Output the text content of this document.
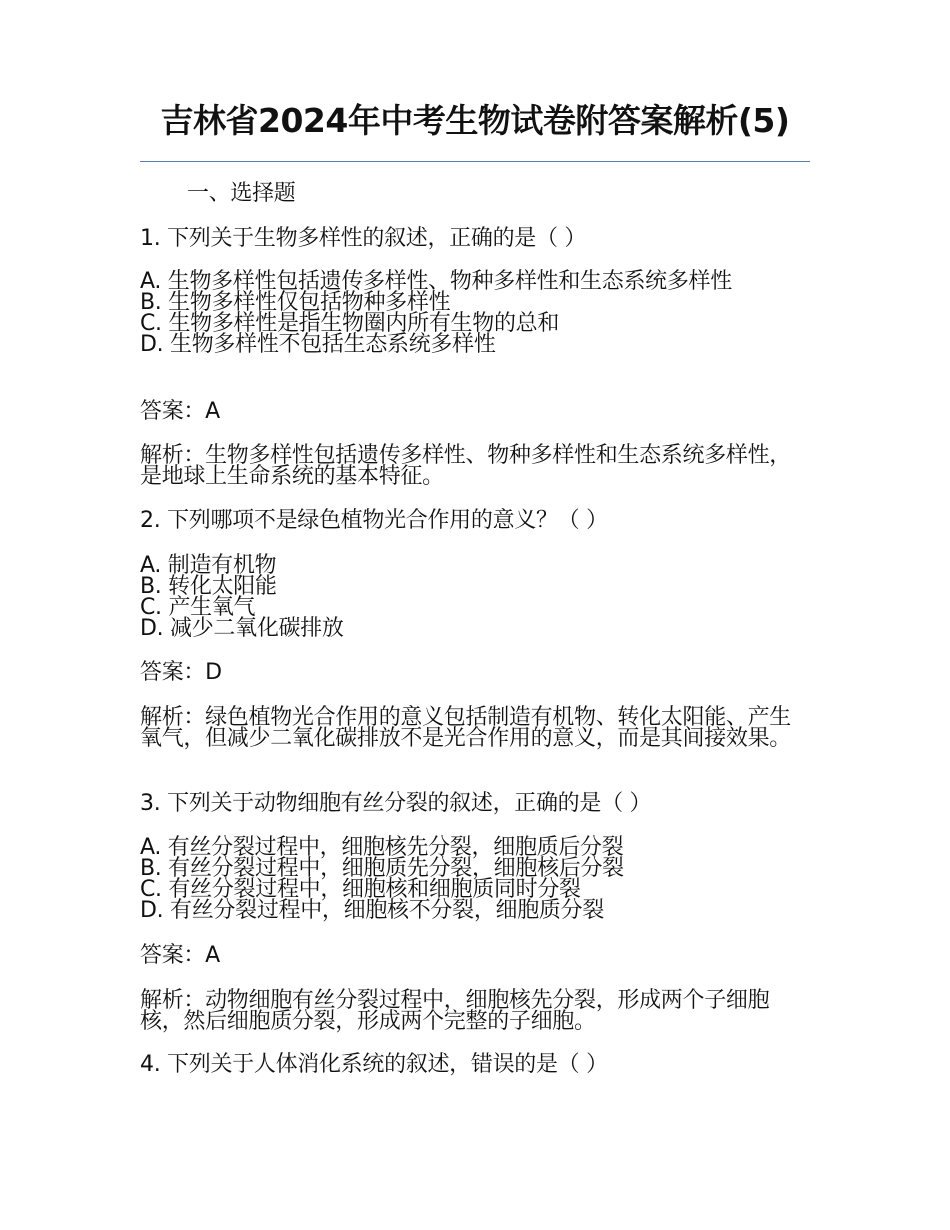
吉林省2024年中考生物试卷附答案解析(5)
一、选择题
1. 下列关于生物多样性的叙述，正确的是（ ）
A. 生物多样性包括遗传多样性、物种多样性和生态系统多样性
B. 生物多样性仅包括物种多样性
C. 生物多样性是指生物圈内所有生物的总和
D. 生物多样性不包括生态系统多样性
答案：A
解析：生物多样性包括遗传多样性、物种多样性和生态系统多样性，是地球上生命系统的基本特征。
2. 下列哪项不是绿色植物光合作用的意义？（ ）
A. 制造有机物
B. 转化太阳能
C. 产生氧气
D. 减少二氧化碳排放
答案：D
解析：绿色植物光合作用的意义包括制造有机物、转化太阳能、产生氧气，但减少二氧化碳排放不是光合作用的意义，而是其间接效果。
3. 下列关于动物细胞有丝分裂的叙述，正确的是（ ）
A. 有丝分裂过程中，细胞核先分裂，细胞质后分裂
B. 有丝分裂过程中，细胞质先分裂，细胞核后分裂
C. 有丝分裂过程中，细胞核和细胞质同时分裂
D. 有丝分裂过程中，细胞核不分裂，细胞质分裂
答案：A
解析：动物细胞有丝分裂过程中，细胞核先分裂，形成两个子细胞核，然后细胞质分裂，形成两个完整的子细胞。
4. 下列关于人体消化系统的叙述，错误的是（ ）
